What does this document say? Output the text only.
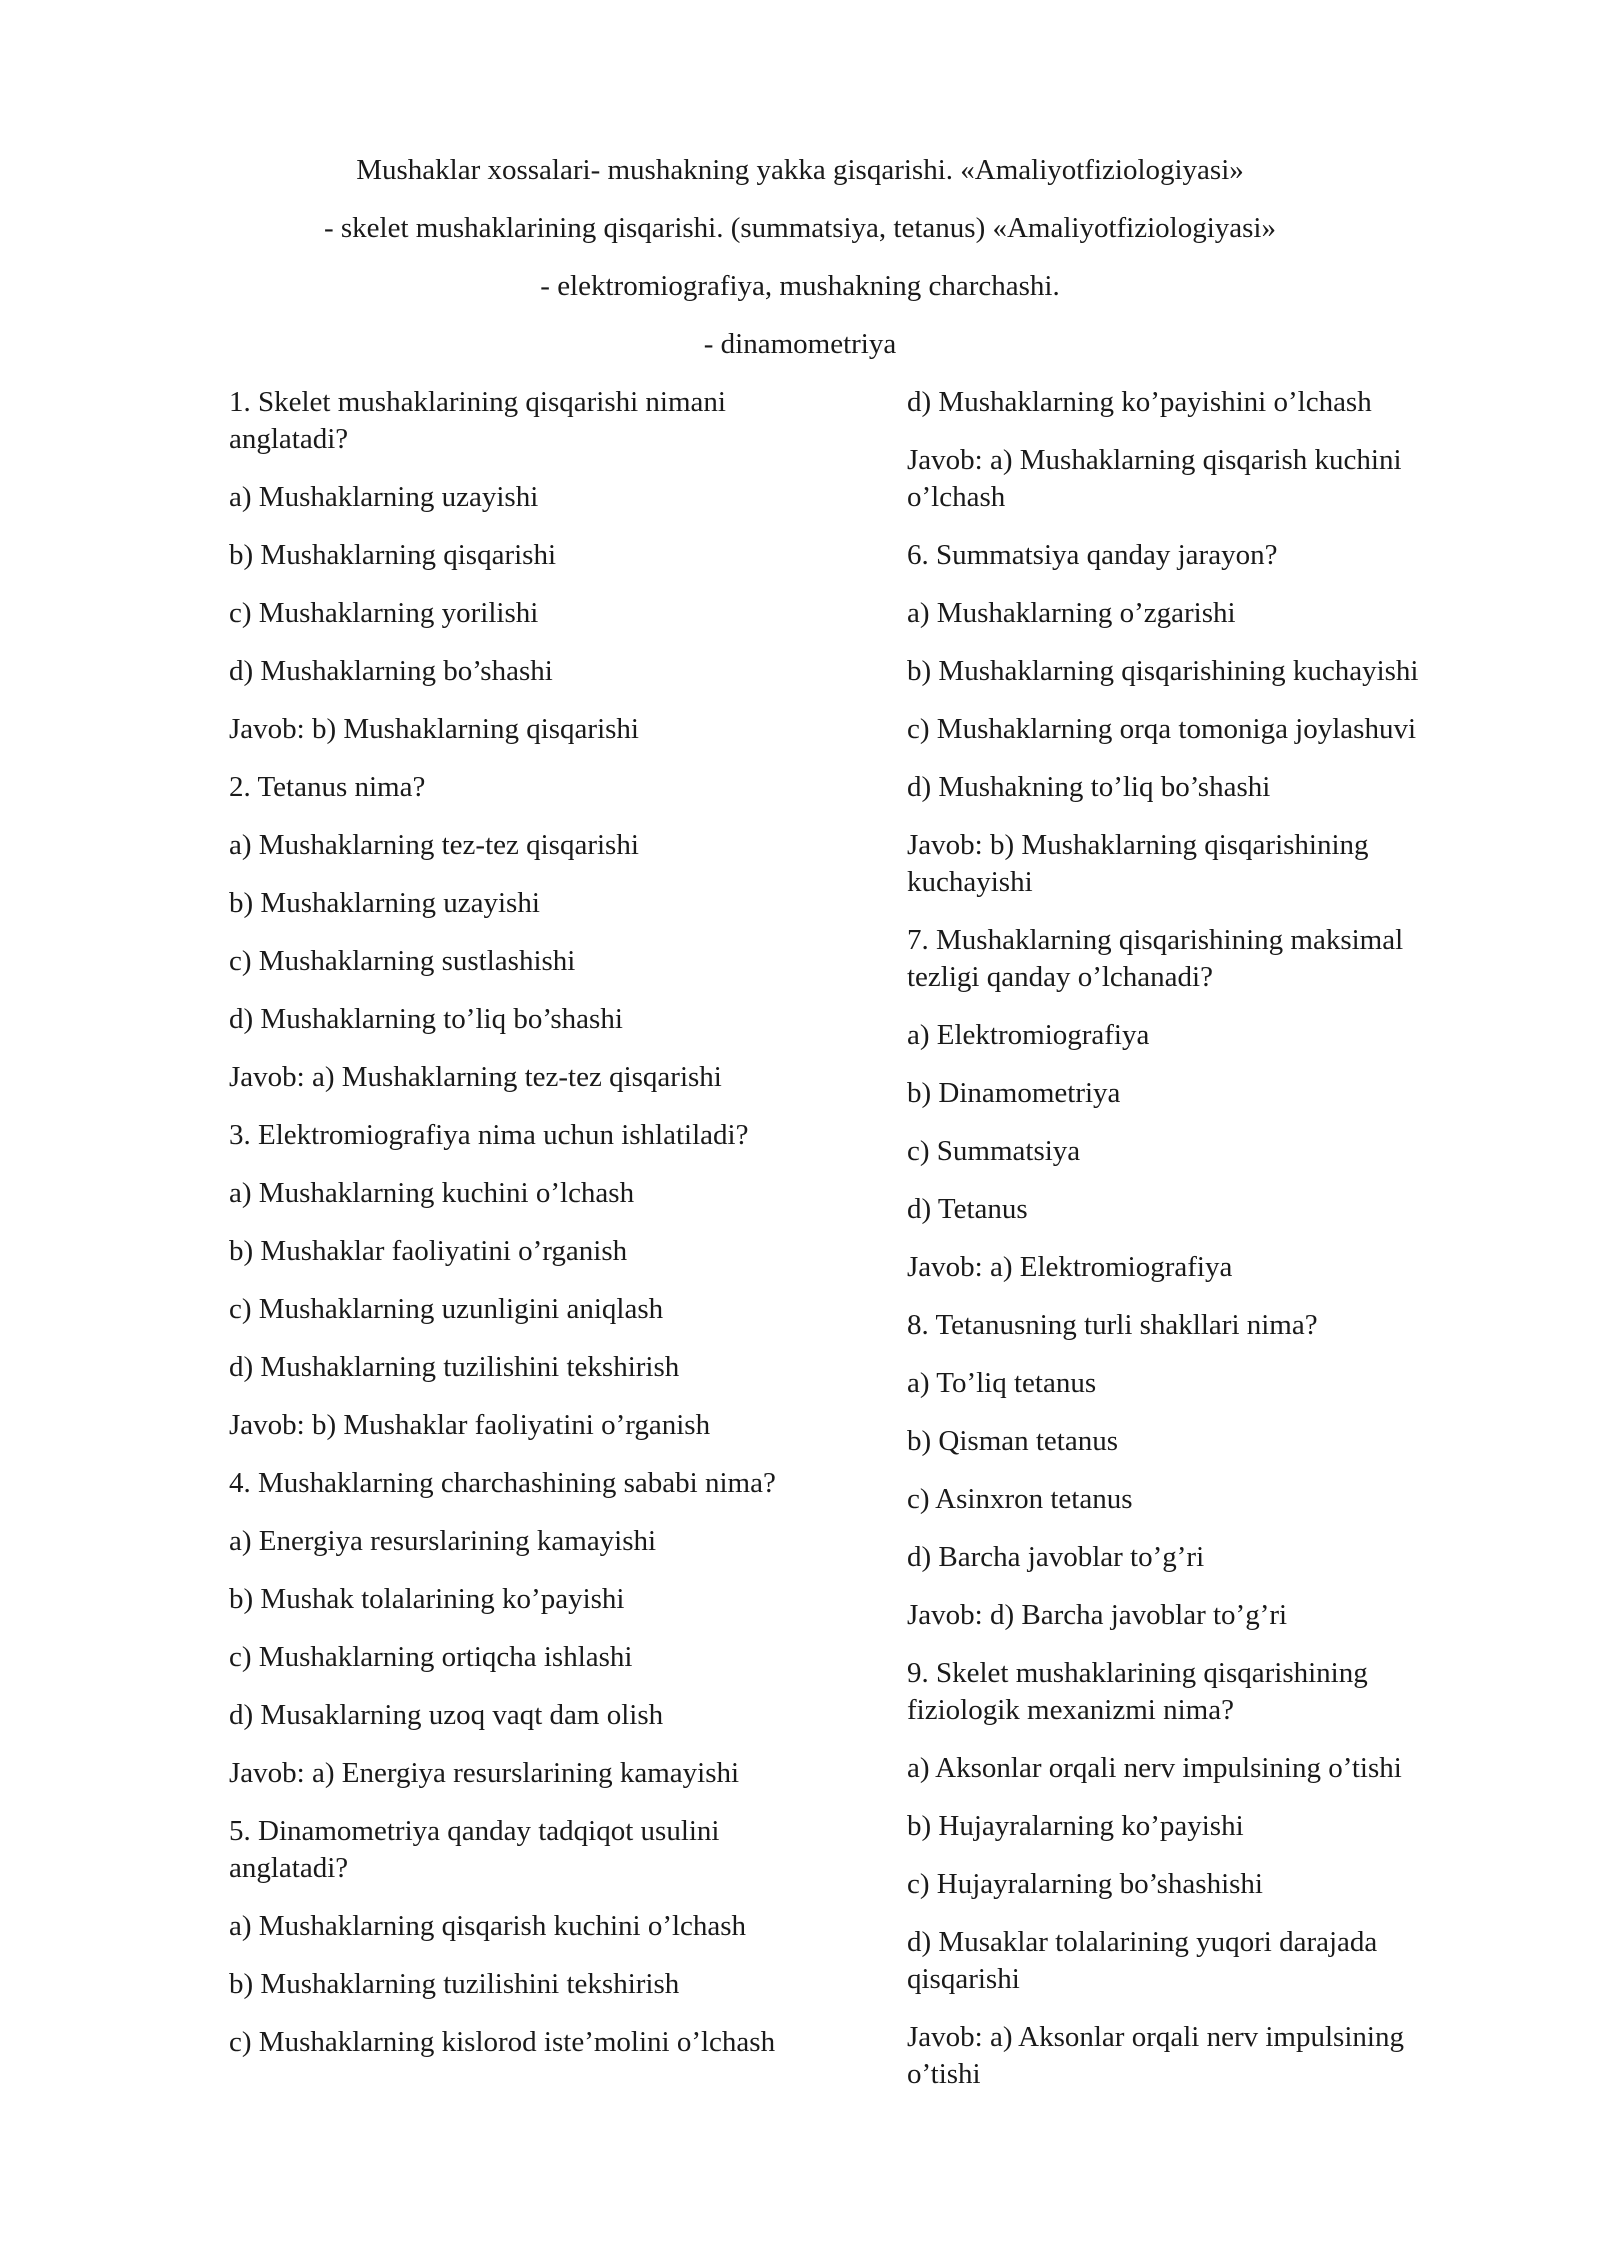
Mushaklar xossalari- mushakning yakka gisqarishi. «Amaliyotfiziologiyasi»

- skelet mushaklarining qisqarishi. (summatsiya, tetanus) «Amaliyotfiziologiyasi»

- elektromiografiya, mushakning charchashi.

- dinamometriya

1. Skelet mushaklarining qisqarishi nimani anglatadi?

a) Mushaklarning uzayishi

b) Mushaklarning qisqarishi

c) Mushaklarning yorilishi

d) Mushaklarning bo’shashi

Javob: b) Mushaklarning qisqarishi

2. Tetanus nima?

a) Mushaklarning tez-tez qisqarishi

b) Mushaklarning uzayishi

c) Mushaklarning sustlashishi

d) Mushaklarning to’liq bo’shashi

Javob: a) Mushaklarning tez-tez qisqarishi

3. Elektromiografiya nima uchun ishlatiladi?

a) Mushaklarning kuchini o’lchash

b) Mushaklar faoliyatini o’rganish

c) Mushaklarning uzunligini aniqlash

d) Mushaklarning tuzilishini tekshirish

Javob: b) Mushaklar faoliyatini o’rganish

4. Mushaklarning charchashining sababi nima?

a) Energiya resurslarining kamayishi

b) Mushak tolalarining ko’payishi

c) Mushaklarning ortiqcha ishlashi

d) Musaklarning uzoq vaqt dam olish

Javob: a) Energiya resurslarining kamayishi

5. Dinamometriya qanday tadqiqot usulini anglatadi?

a) Mushaklarning qisqarish kuchini o’lchash

b) Mushaklarning tuzilishini tekshirish

c) Mushaklarning kislorod iste’molini o’lchash

d) Mushaklarning ko’payishini o’lchash

Javob: a) Mushaklarning qisqarish kuchini o’lchash

6. Summatsiya qanday jarayon?

a) Mushaklarning o’zgarishi

b) Mushaklarning qisqarishining kuchayishi

c) Mushaklarning orqa tomoniga joylashuvi

d) Mushakning to’liq bo’shashi

Javob: b) Mushaklarning qisqarishining kuchayishi

7. Mushaklarning qisqarishining maksimal tezligi qanday o’lchanadi?

a) Elektromiografiya

b) Dinamometriya

c) Summatsiya

d) Tetanus

Javob: a) Elektromiografiya

8. Tetanusning turli shakllari nima?

a) To’liq tetanus

b) Qisman tetanus

c) Asinxron tetanus

d) Barcha javoblar to’g’ri

Javob: d) Barcha javoblar to’g’ri

9. Skelet mushaklarining qisqarishining fiziologik mexanizmi nima?

a) Aksonlar orqali nerv impulsining o’tishi

b) Hujayralarning ko’payishi

c) Hujayralarning bo’shashishi

d) Musaklar tolalarining yuqori darajada qisqarishi

Javob: a) Aksonlar orqali nerv impulsining o’tishi
